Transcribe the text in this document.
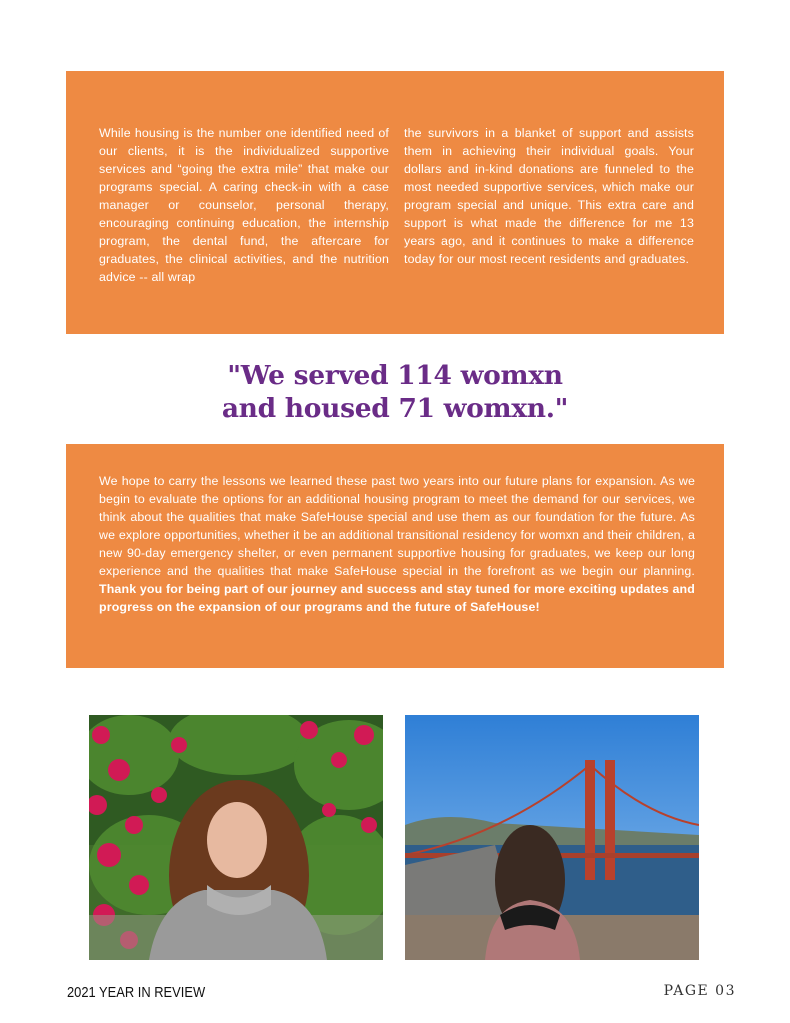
While housing is the number one identified need of our clients, it is the individualized supportive services and “going the extra mile” that make our programs special. A caring check-in with a case manager or counselor, personal therapy, encouraging continuing education, the internship program, the dental fund, the aftercare for graduates, the clinical activities, and the nutrition advice -- all wrap
the survivors in a blanket of support and assists them in achieving their individual goals. Your dollars and in-kind donations are funneled to the most needed supportive services, which make our program special and unique. This extra care and support is what made the difference for me 13 years ago, and it continues to make a difference today for our most recent residents and graduates.
"We served 114 womxn
and housed 71 womxn."
We hope to carry the lessons we learned these past two years into our future plans for expansion. As we begin to evaluate the options for an additional housing program to meet the demand for our services, we think about the qualities that make SafeHouse special and use them as our foundation for the future. As we explore opportunities, whether it be an additional transitional residency for womxn and their children, a new 90-day emergency shelter, or even permanent supportive housing for graduates, we keep our long experience and the qualities that make SafeHouse special in the forefront as we begin our planning. Thank you for being part of our journey and success and stay tuned for more exciting updates and progress on the expansion of our programs and the future of SafeHouse!
2021 YEAR IN REVIEW	PAGE 03
